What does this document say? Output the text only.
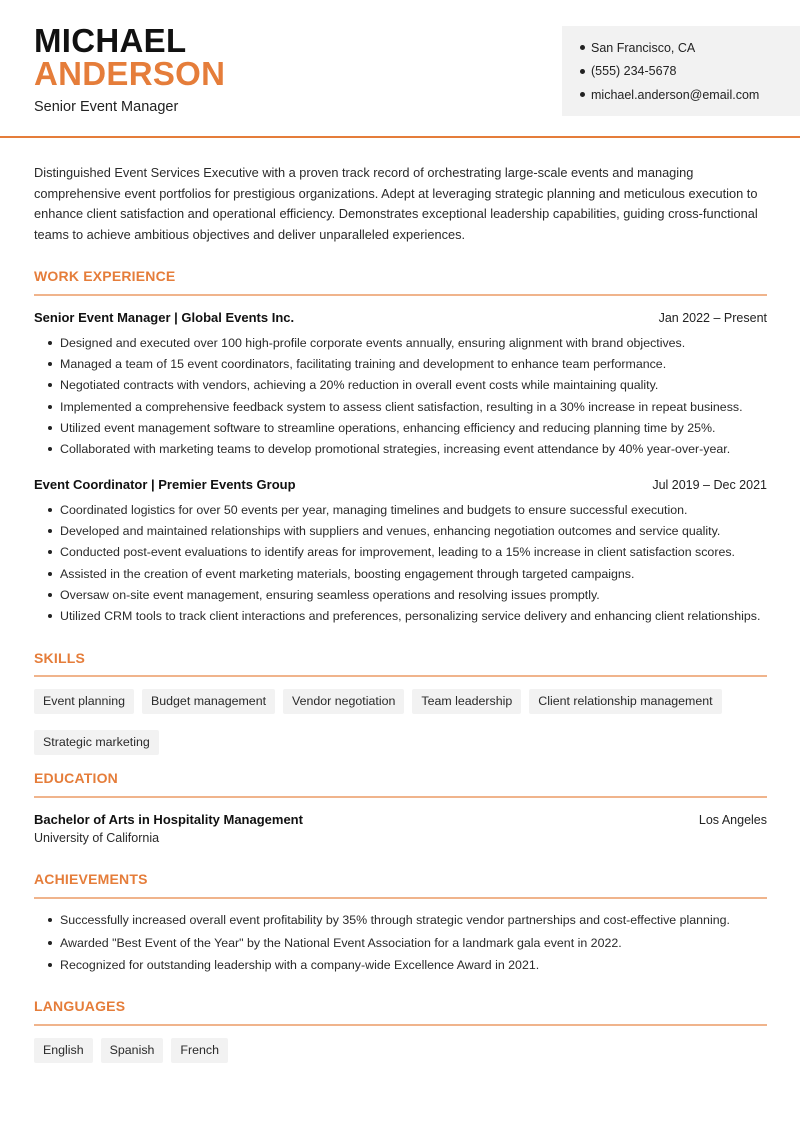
MICHAEL
ANDERSON
Senior Event Manager
San Francisco, CA
(555) 234-5678
michael.anderson@email.com

Distinguished Event Services Executive with a proven track record of orchestrating large-scale events and managing comprehensive event portfolios for prestigious organizations. Adept at leveraging strategic planning and meticulous execution to enhance client satisfaction and operational efficiency. Demonstrates exceptional leadership capabilities, guiding cross-functional teams to achieve ambitious objectives and deliver unparalleled experiences.

WORK EXPERIENCE
Senior Event Manager | Global Events Inc.	Jan 2022 – Present
Designed and executed over 100 high-profile corporate events annually, ensuring alignment with brand objectives.
Managed a team of 15 event coordinators, facilitating training and development to enhance team performance.
Negotiated contracts with vendors, achieving a 20% reduction in overall event costs while maintaining quality.
Implemented a comprehensive feedback system to assess client satisfaction, resulting in a 30% increase in repeat business.
Utilized event management software to streamline operations, enhancing efficiency and reducing planning time by 25%.
Collaborated with marketing teams to develop promotional strategies, increasing event attendance by 40% year-over-year.
Event Coordinator | Premier Events Group	Jul 2019 – Dec 2021
Coordinated logistics for over 50 events per year, managing timelines and budgets to ensure successful execution.
Developed and maintained relationships with suppliers and venues, enhancing negotiation outcomes and service quality.
Conducted post-event evaluations to identify areas for improvement, leading to a 15% increase in client satisfaction scores.
Assisted in the creation of event marketing materials, boosting engagement through targeted campaigns.
Oversaw on-site event management, ensuring seamless operations and resolving issues promptly.
Utilized CRM tools to track client interactions and preferences, personalizing service delivery and enhancing client relationships.
SKILLS
Event planning	Budget management	Vendor negotiation	Team leadership	Client relationship management
Strategic marketing
EDUCATION
Bachelor of Arts in Hospitality Management	Los Angeles
University of California
ACHIEVEMENTS
Successfully increased overall event profitability by 35% through strategic vendor partnerships and cost-effective planning.
Awarded "Best Event of the Year" by the National Event Association for a landmark gala event in 2022.
Recognized for outstanding leadership with a company-wide Excellence Award in 2021.
LANGUAGES
English	Spanish	French
